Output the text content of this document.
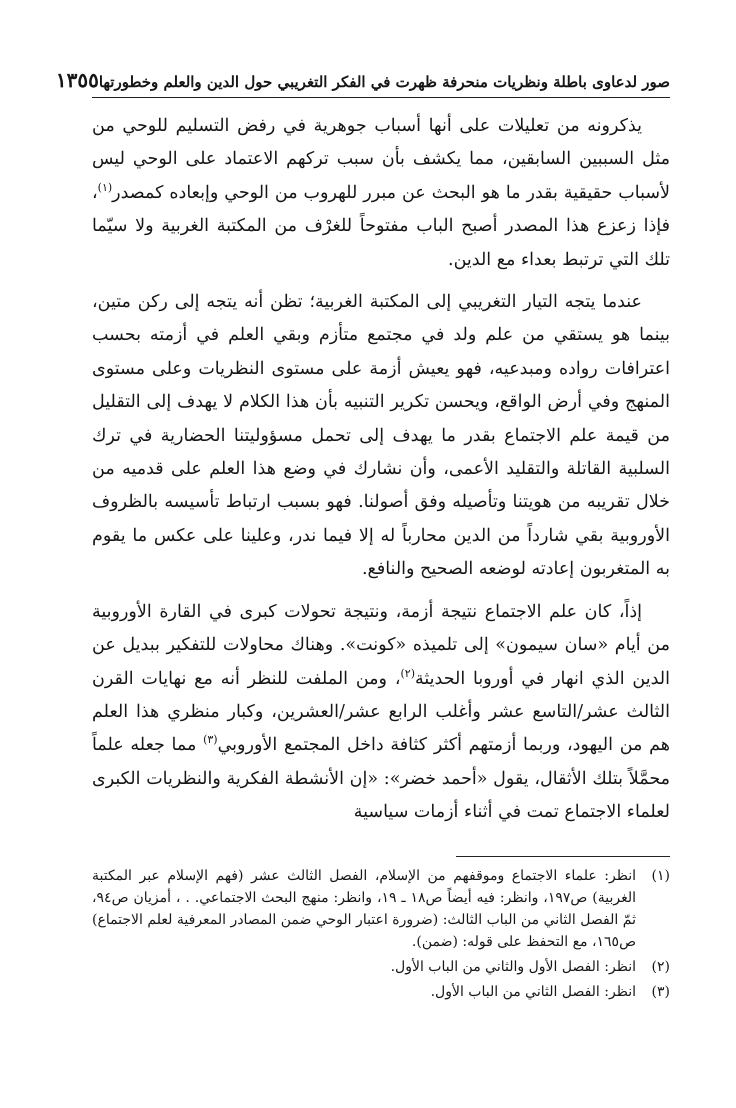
صور لدعاوى باطلة ونظريات منحرفة ظهرت في الفكر التغريبي حول الدين والعلم وخطورتها
١٣٥٥

يذكرونه من تعليلات على أنها أسباب جوهرية في رفض التسليم للوحي من مثل السببين السابقين، مما يكشف بأن سبب تركهم الاعتماد على الوحي ليس لأسباب حقيقية بقدر ما هو البحث عن مبرر للهروب من الوحي وإبعاده كمصدر$^{(١)}$، فإذا زعزع هذا المصدر أصبح الباب مفتوحاً للغرْف من المكتبة الغربية ولا سيّما تلك التي ترتبط بعداء مع الدين.

عندما يتجه التيار التغريبي إلى المكتبة الغربية؛ تظن أنه يتجه إلى ركن متين، بينما هو يستقي من علم ولد في مجتمع متأزم وبقي العلم في أزمته بحسب اعترافات رواده ومبدعيه، فهو يعيش أزمة على مستوى النظريات وعلى مستوى المنهج وفي أرض الواقع، ويحسن تكرير التنبيه بأن هذا الكلام لا يهدف إلى التقليل من قيمة علم الاجتماع بقدر ما يهدف إلى تحمل مسؤوليتنا الحضارية في ترك السلبية القاتلة والتقليد الأعمى، وأن نشارك في وضع هذا العلم على قدميه من خلال تقريبه من هويتنا وتأصيله وفق أصولنا. فهو بسبب ارتباط تأسيسه بالظروف الأوروبية بقي شارداً من الدين محارباً له إلا فيما ندر، وعلينا على عكس ما يقوم به المتغربون إعادته لوضعه الصحيح والنافع.

إذاً، كان علم الاجتماع نتيجة أزمة، ونتيجة تحولات كبرى في القارة الأوروبية من أيام «سان سيمون» إلى تلميذه «كونت». وهناك محاولات للتفكير ببديل عن الدين الذي انهار في أوروبا الحديثة$^{(٢)}$، ومن الملفت للنظر أنه مع نهايات القرن الثالث عشر/التاسع عشر وأغلب الرابع عشر/العشرين، وكبار منظري هذا العلم هم من اليهود، وربما أزمتهم أكثر كثافة داخل المجتمع الأوروبي$^{(٣)}$ مما جعله علماً محمَّلاً بتلك الأثقال، يقول «أحمد خضر»: «إن الأنشطة الفكرية والنظريات الكبرى لعلماء الاجتماع تمت في أثناء أزمات سياسية

(١)
انظر: علماء الاجتماع وموقفهم من الإسلام، الفصل الثالث عشر (فهم الإسلام عبر المكتبة الغربية) ص١٩٧، وانظر: فيه أيضاً ص١٨ ـ ١٩، وانظر: منهج البحث الاجتماعي. . ، أمزيان ص٩٤، ثمّ الفصل الثاني من الباب الثالث: (ضرورة اعتبار الوحي ضمن المصادر المعرفية لعلم الاجتماع) ص١٦٥، مع التحفظ على قوله: (ضمن).
(٢)
انظر: الفصل الأول والثاني من الباب الأول.
(٣)
انظر: الفصل الثاني من الباب الأول.
